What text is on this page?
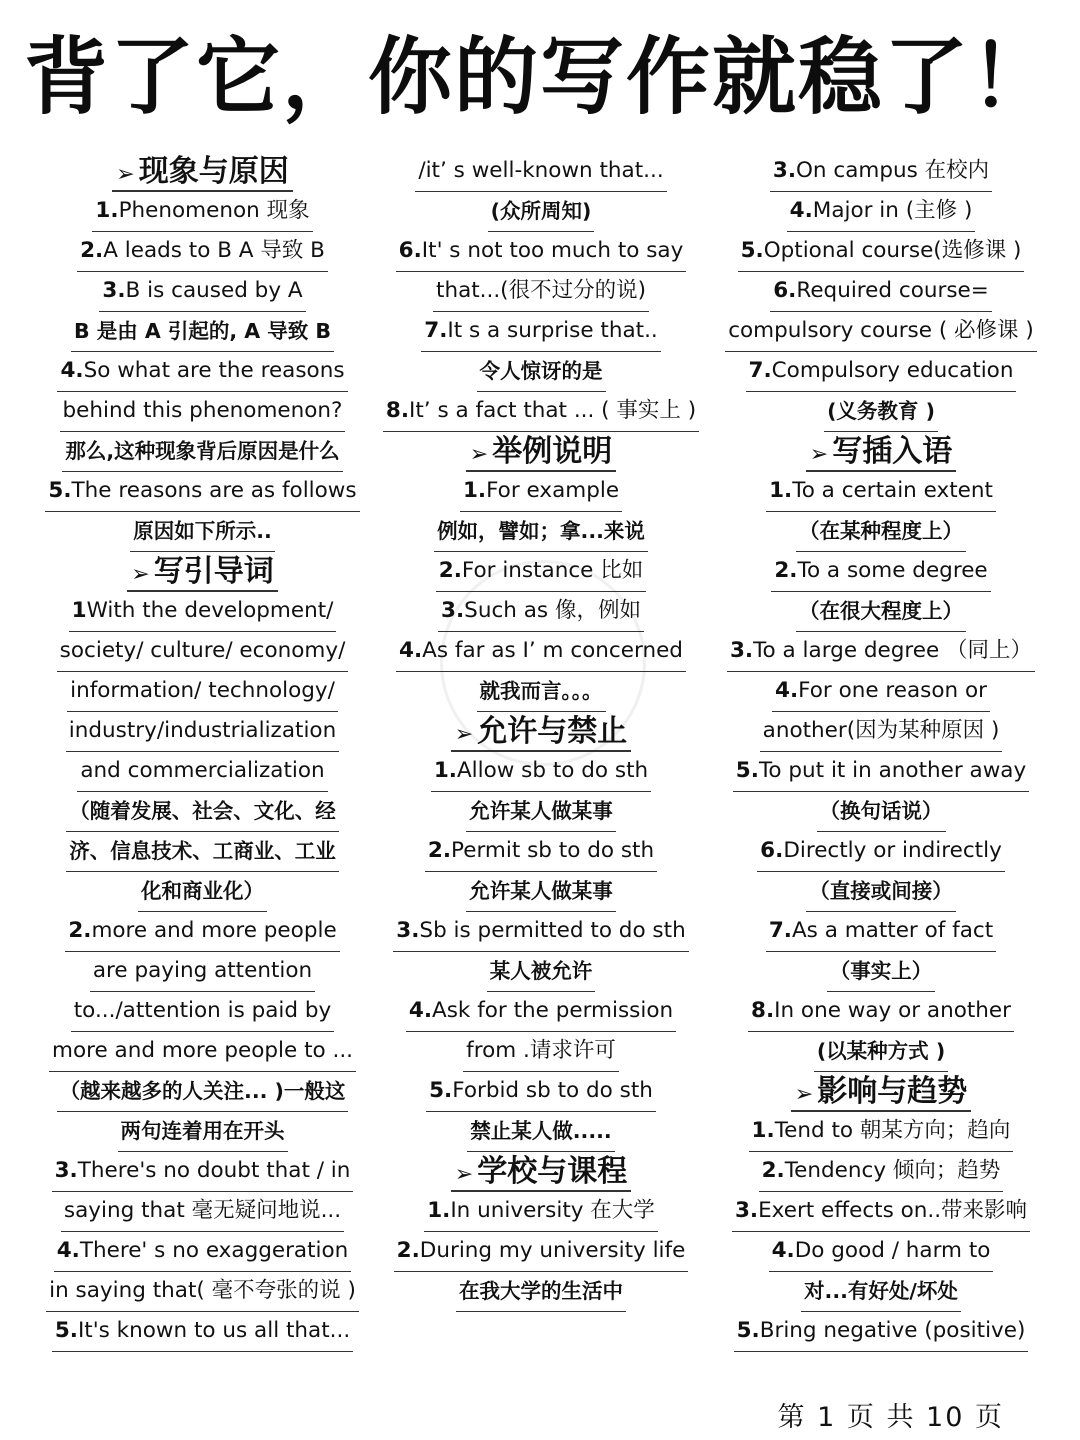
背了它，你的写作就稳了！
➢ 现象与原因
1.Phenomenon 现象
2.A leads to B A 导致 B
3.B is caused by A
B 是由 A 引起的, A 导致 B
4.So what are the reasons
behind this phenomenon?
那么,这种现象背后原因是什么
5.The reasons are as follows
原因如下所示..
➢ 写引导词
1With the development/
society/ culture/ economy/
information/ technology/
industry/industrialization
and commercialization
（随着发展、社会、文化、经
济、信息技术、工商业、工业
化和商业化）
2.more and more people
are paying attention
to.../attention is paid by
more and more people to ...
（越来越多的人关注... )一般这
两句连着用在开头
3.There's no doubt that / in
saying that 毫无疑问地说...
4.There' s no exaggeration
in saying that( 毫不夸张的说 )
5.It's known to us all that...
/it’ s well-known that...
(众所周知)
6.It' s not too much to say
that...(很不过分的说)
7.It s a surprise that..
令人惊讶的是
8.It’ s a fact that ... ( 事实上 )
➢ 举例说明
1.For example
例如，譬如；拿...来说
2.For instance 比如
3.Such as 像，例如
4.As far as I’ m concerned
就我而言。。。
➢ 允许与禁止
1.Allow sb to do sth
允许某人做某事
2.Permit sb to do sth
允许某人做某事
3.Sb is permitted to do sth
某人被允许
4.Ask for the permission
from .请求许可
5.Forbid sb to do sth
禁止某人做.....
➢ 学校与课程
1.In university 在大学
2.During my university life
在我大学的生活中
3.On campus 在校内
4.Major in (主修 )
5.Optional course(选修课 )
6.Required course=
compulsory course ( 必修课 )
7.Compulsory education
(义务教育 )
➢ 写插入语
1.To a certain extent
（在某种程度上）
2.To a some degree
（在很大程度上）
3.To a large degree （同上）
4.For one reason or
another(因为某种原因 )
5.To put it in another away
（换句话说）
6.Directly or indirectly
（直接或间接）
7.As a matter of fact
（事实上）
8.In one way or another
(以某种方式 )
➢ 影响与趋势
1.Tend to 朝某方向；趋向
2.Tendency 倾向；趋势
3.Exert effects on..带来影响
4.Do good / harm to
对...有好处/坏处
5.Bring negative (positive)
第 1 页 共 10 页
